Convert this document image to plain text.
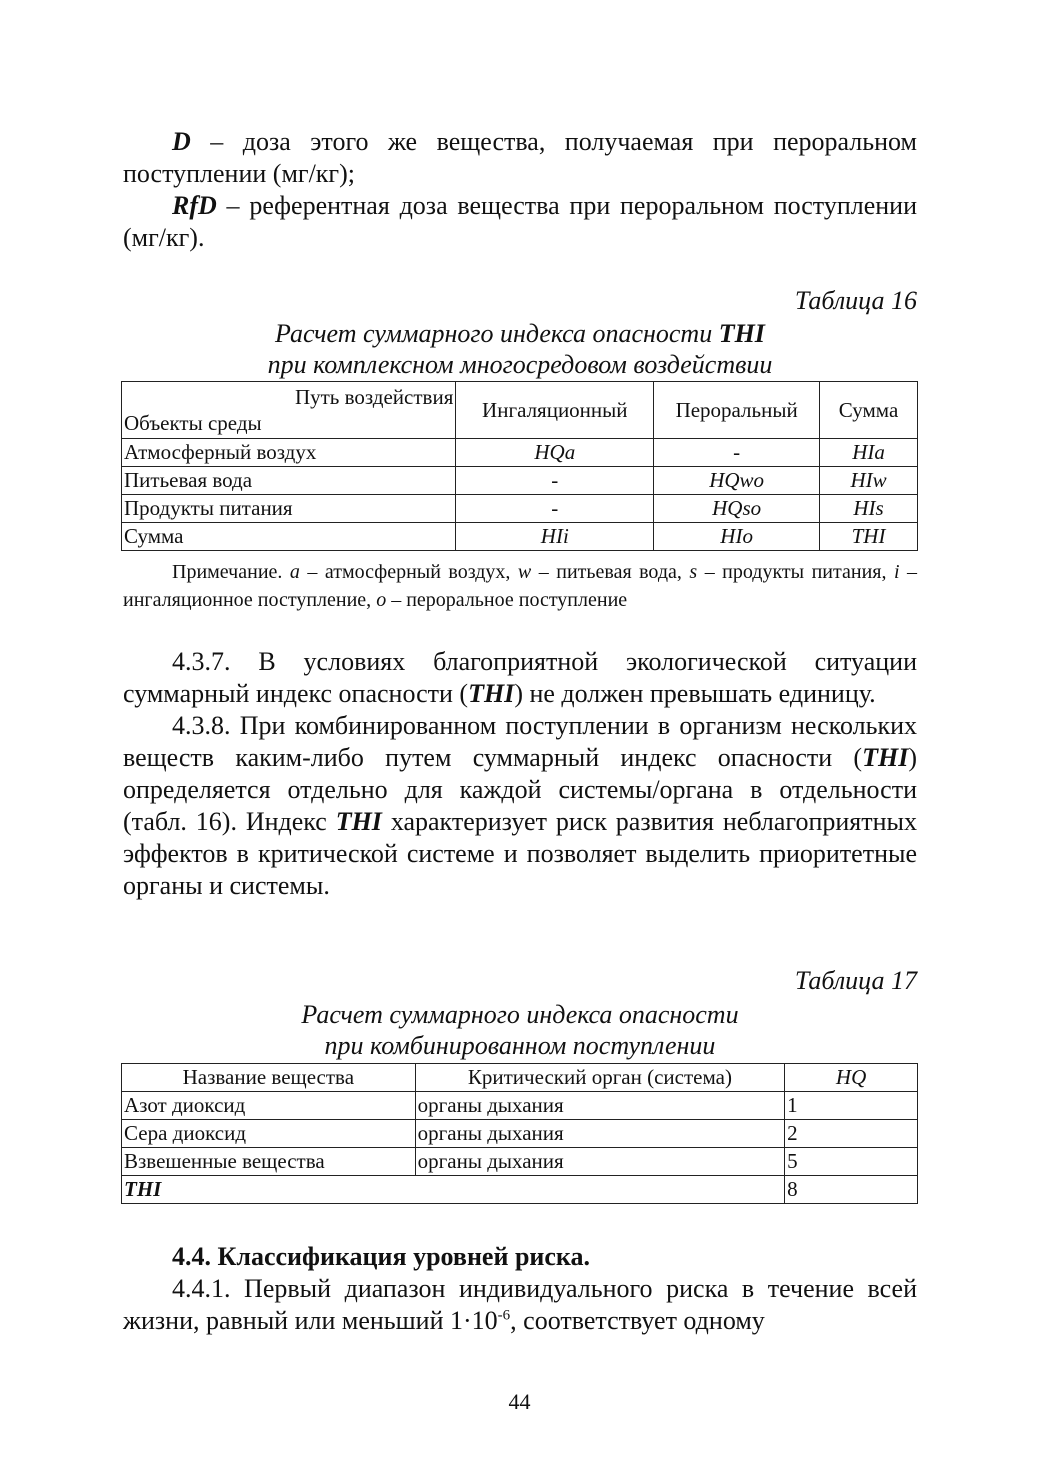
D – доза этого же вещества, получаемая при пероральном поступлении (мг/кг);

RfD – референтная доза вещества при пероральном поступлении (мг/кг).

Таблица 16
Расчет суммарного индекса опасности THI
при комплексном многосредовом воздействии
Путь воздействия
Объекты среды	Ингаляционный	Пероральный	Сумма
Атмосферный воздух	HQa	-	HIa
Питьевая вода	-	HQwo	HIw
Продукты питания	-	HQso	HIs
Сумма	HIi	HIo	THI
Примечание. a – атмосферный воздух, w – питьевая вода, s – продукты питания, i – ингаляционное поступление, o – пероральное поступление

4.3.7. В условиях благоприятной экологической ситуации суммарный индекс опасности (THI) не должен превышать единицу.

4.3.8. При комбинированном поступлении в организм нескольких веществ каким-либо путем суммарный индекс опасности (THI) определяется отдельно для каждой системы/органа в отдельности (табл. 16). Индекс THI характеризует риск развития неблагоприятных эффектов в критической системе и позволяет выделить приоритетные органы и системы.

Таблица 17
Расчет суммарного индекса опасности
при комбинированном поступлении
Название вещества	Критический орган (система)	HQ
Азот диоксид	органы дыхания	1
Сера диоксид	органы дыхания	2
Взвешенные вещества	органы дыхания	5
THI		8

4.4. Классификация уровней риска.

4.4.1. Первый диапазон индивидуального риска в течение всей жизни, равный или меньший $1\cdot 10^{-6}$, соответствует одному

44
